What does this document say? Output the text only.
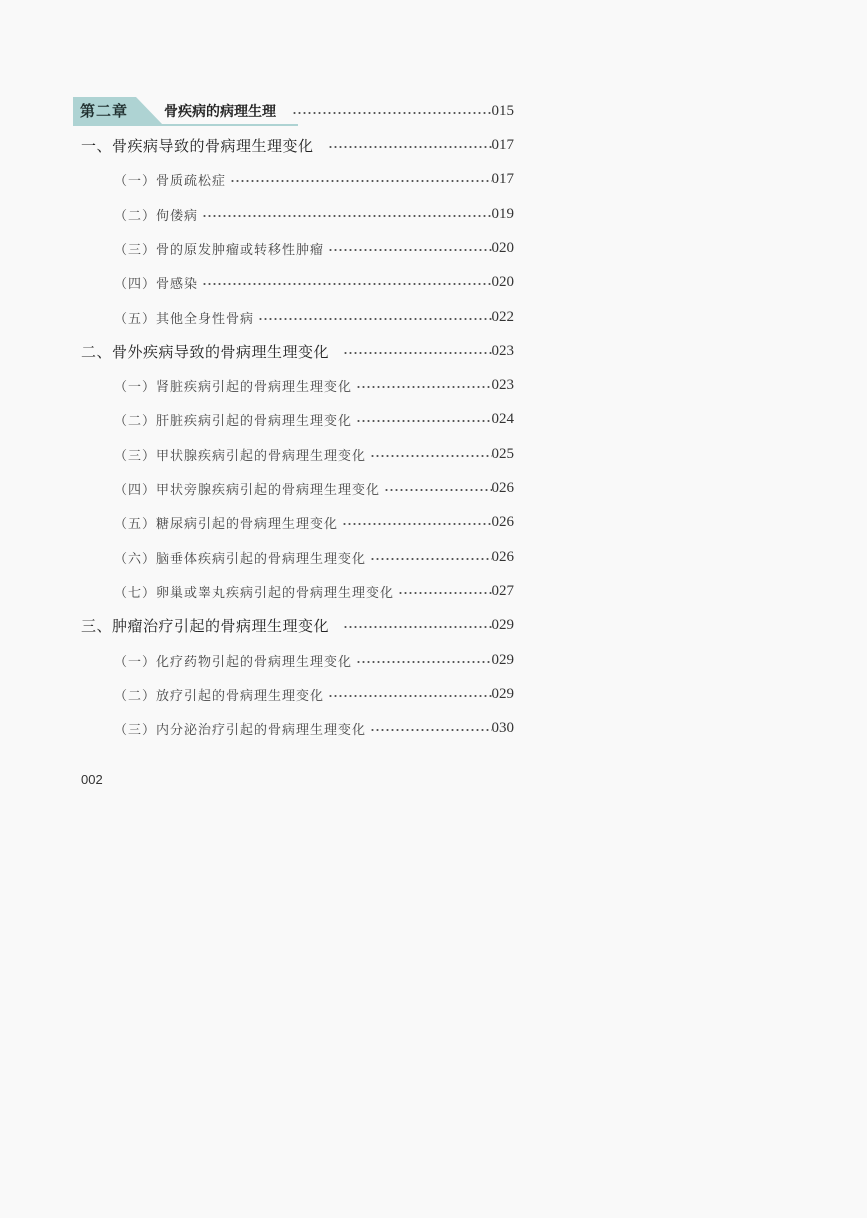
第二章	骨疾病的病理生理	015
一、骨疾病导致的骨病理生理变化	017
（一）骨质疏松症	017
（二）佝偻病	019
（三）骨的原发肿瘤或转移性肿瘤	020
（四）骨感染	020
（五）其他全身性骨病	022
二、骨外疾病导致的骨病理生理变化	023
（一）肾脏疾病引起的骨病理生理变化	023
（二）肝脏疾病引起的骨病理生理变化	024
（三）甲状腺疾病引起的骨病理生理变化	025
（四）甲状旁腺疾病引起的骨病理生理变化	026
（五）糖尿病引起的骨病理生理变化	026
（六）脑垂体疾病引起的骨病理生理变化	026
（七）卵巢或睾丸疾病引起的骨病理生理变化	027
三、肿瘤治疗引起的骨病理生理变化	029
（一）化疗药物引起的骨病理生理变化	029
（二）放疗引起的骨病理生理变化	029
（三）内分泌治疗引起的骨病理生理变化	030
002
